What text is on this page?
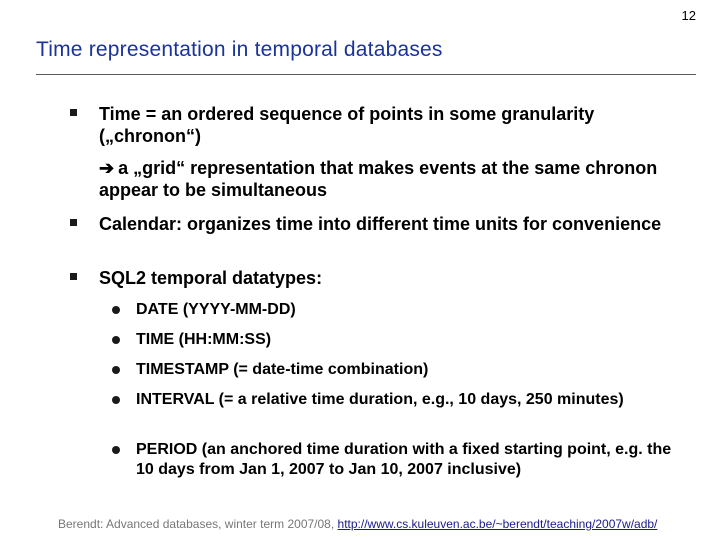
12
Time representation in temporal databases
Time = an ordered sequence of points in some granularity („chronon“)
➔ a „grid“ representation that makes events at the same chronon appear to be simultaneous
Calendar: organizes time into different time units for convenience
SQL2 temporal datatypes:
DATE (YYYY-MM-DD)
TIME (HH:MM:SS)
TIMESTAMP (= date-time combination)
INTERVAL (= a relative time duration, e.g., 10 days, 250 minutes)
PERIOD (an anchored time duration with a fixed starting point, e.g. the 10 days from Jan 1, 2007 to Jan 10, 2007 inclusive)
Berendt: Advanced databases, winter term 2007/08, http://www.cs.kuleuven.ac.be/~berendt/teaching/2007w/adb/
